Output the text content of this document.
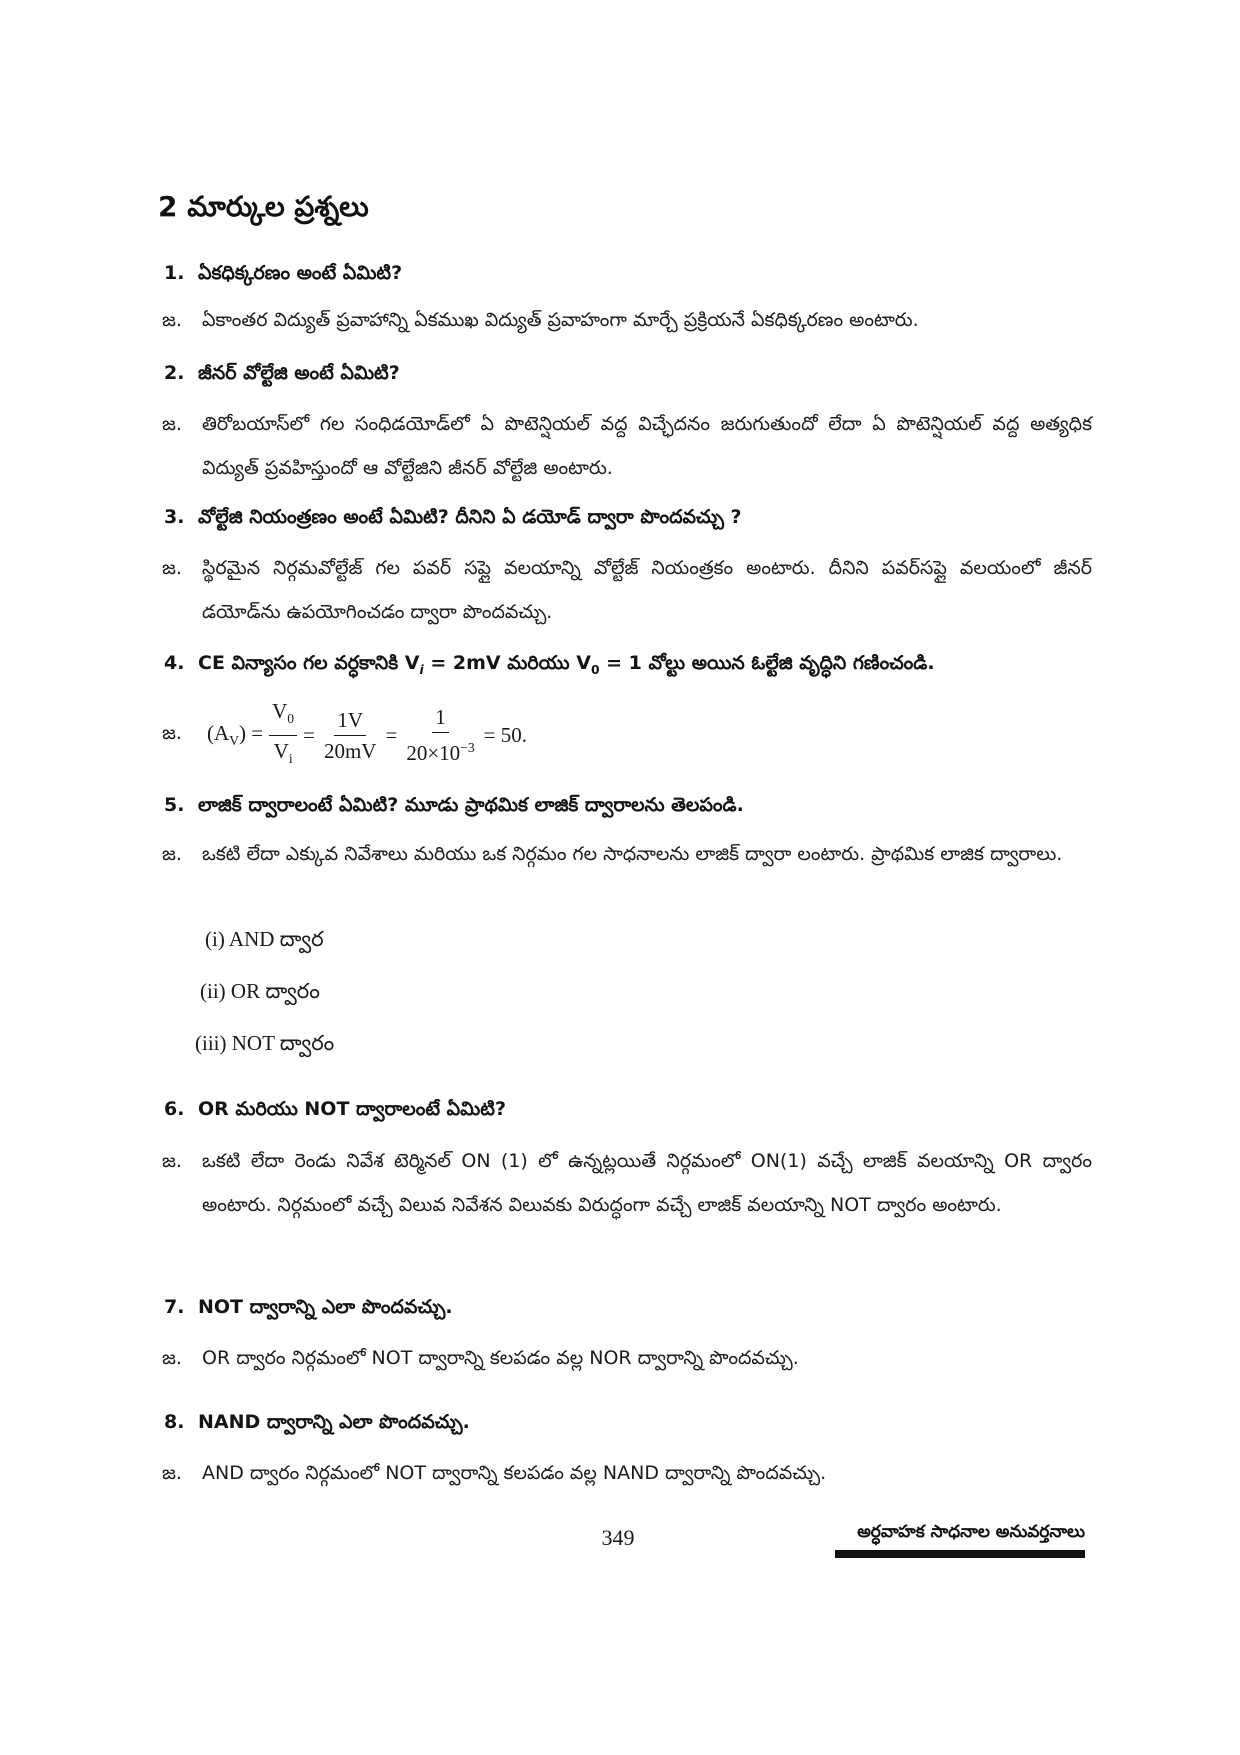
2 మార్కుల ప్రశ్నలు
1. ఏకధిక్కరణం అంటే ఏమిటి?
జ. ఏకాంతర విద్యుత్ ప్రవాహాన్ని ఏకముఖ విద్యుత్ ప్రవాహంగా మార్చే ప్రక్రియనే ఏకధిక్కరణం అంటారు.
2. జీనర్ వోల్టేజి అంటే ఏమిటి?
జ. తిరోబయాస్‌లో గల సంధిడయోడ్‌లో ఏ పొటెన్షియల్ వద్ద విచ్ఛేదనం జరుగుతుందో లేదా ఏ పొటెన్షియల్ వద్ద అత్యధిక విద్యుత్ ప్రవహిస్తుందో ఆ వోల్టేజిని జీనర్ వోల్టేజి అంటారు.
3. వోల్టేజి నియంత్రణం అంటే ఏమిటి? దీనిని ఏ డయోడ్ ద్వారా పొందవచ్చు ?
జ. స్థిరమైన నిర్గమవోల్టేజ్ గల పవర్ సప్లై వలయాన్ని వోల్టేజ్ నియంత్రకం అంటారు. దీనిని పవర్‌సప్లై వలయంలో జీనర్ డయోడ్‌ను ఉపయోగించడం ద్వారా పొందవచ్చు.
4. CE విన్యాసం గల వర్ధకానికి $V_i = 2mV$ మరియు $V_0 = 1$ వోల్టు అయిన ఓల్టేజి వృద్ధిని గణించండి.
జ. $(A_V) = \frac{V_0}{V_i} = \frac{1V}{20mV} = \frac{1}{20\times 10^{-3}} = 50$.
5. లాజిక్ ద్వారాలంటే ఏమిటి? మూడు ప్రాథమిక లాజిక్ ద్వారాలను తెలపండి.
జ. ఒకటి లేదా ఎక్కువ నివేశాలు మరియు ఒక నిర్గమం గల సాధనాలను లాజిక్ ద్వారా లంటారు. ప్రాథమిక లాజిక ద్వారాలు.
(i) AND ద్వార
(ii) OR ద్వారం
(iii) NOT ద్వారం
6. OR మరియు NOT ద్వారాలంటే ఏమిటి?
జ. ఒకటి లేదా రెండు నివేశ టెర్మినల్ ON (1) లో ఉన్నట్లయితే నిర్గమంలో ON(1) వచ్చే లాజిక్ వలయాన్ని OR ద్వారం అంటారు. నిర్గమంలో వచ్చే విలువ నివేశన విలువకు విరుద్ధంగా వచ్చే లాజిక్ వలయాన్ని NOT ద్వారం అంటారు.
7. NOT ద్వారాన్ని ఎలా పొందవచ్చు.
జ. OR ద్వారం నిర్గమంలో NOT ద్వారాన్ని కలపడం వల్ల NOR ద్వారాన్ని పొందవచ్చు.
8. NAND ద్వారాన్ని ఎలా పొందవచ్చు.
జ. AND ద్వారం నిర్గమంలో NOT ద్వారాన్ని కలపడం వల్ల NAND ద్వారాన్ని పొందవచ్చు.
349	అర్ధవాహక సాధనాల అనువర్తనాలు
